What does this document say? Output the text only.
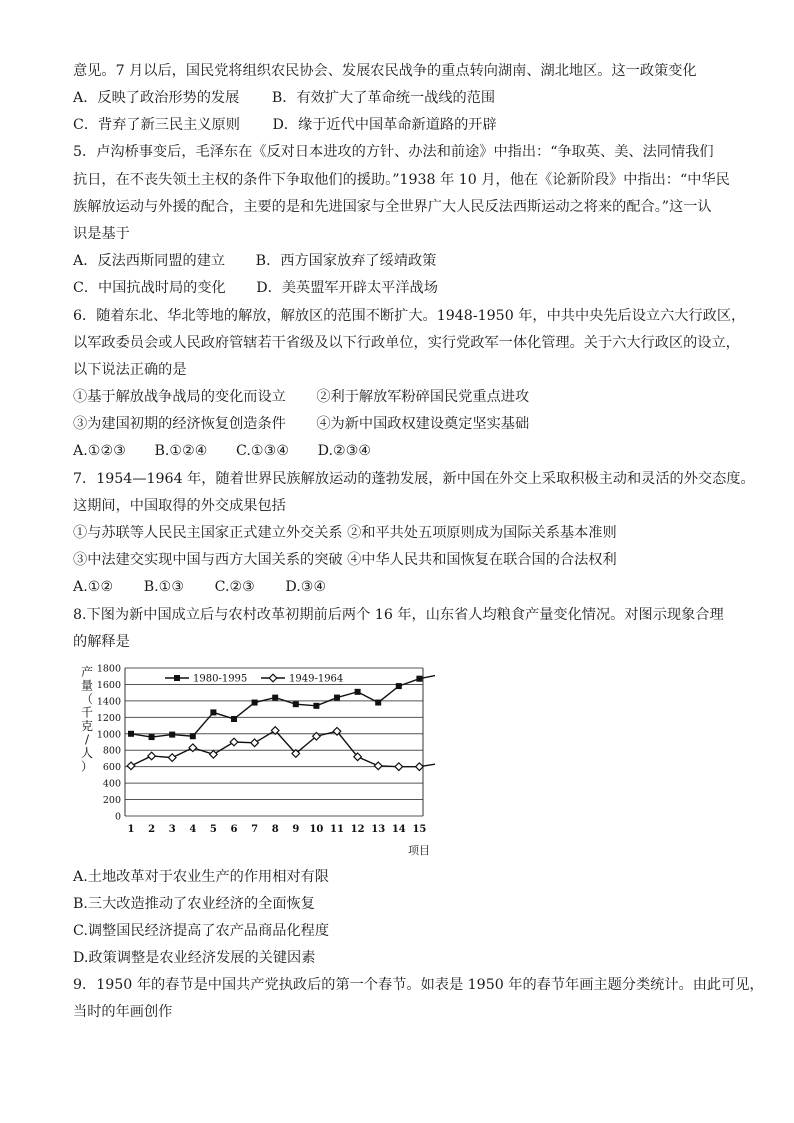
意见。7 月以后，国民党将组织农民协会、发展农民战争的重点转向湖南、湖北地区。这一政策变化
A．反映了政治形势的发展 B．有效扩大了革命统一战线的范围
C．背弃了新三民主义原则 D．缘于近代中国革命新道路的开辟
5．卢沟桥事变后，毛泽东在《反对日本进攻的方针、办法和前途》中指出：“争取英、美、法同情我们
抗日，在不丧失领土主权的条件下争取他们的援助。”1938 年 10 月，他在《论新阶段》中指出：“中华民
族解放运动与外援的配合，主要的是和先进国家与全世界广大人民反法西斯运动之将来的配合。”这一认
识是基于
A．反法西斯同盟的建立 B．西方国家放弃了绥靖政策
C．中国抗战时局的变化 D．美英盟军开辟太平洋战场
6．随着东北、华北等地的解放，解放区的范围不断扩大。1948-1950 年，中共中央先后设立六大行政区，
以军政委员会或人民政府管辖若干省级及以下行政单位，实行党政军一体化管理。关于六大行政区的设立，
以下说法正确的是
①基于解放战争战局的变化而设立 ②利于解放军粉碎国民党重点进攻
③为建国初期的经济恢复创造条件 ④为新中国政权建设奠定坚实基础
A.①②③ B.①②④ C.①③④ D.②③④
7．1954—1964 年，随着世界民族解放运动的蓬勃发展，新中国在外交上采取积极主动和灵活的外交态度。
这期间，中国取得的外交成果包括
①与苏联等人民民主国家正式建立外交关系 ②和平共处五项原则成为国际关系基本准则
③中法建交实现中国与西方大国关系的突破 ④中华人民共和国恢复在联合国的合法权利
A.①② B.①③ C.②③ D.③④
8.下图为新中国成立后与农村改革初期前后两个 16 年，山东省人均粮食产量变化情况。对图示现象合理
的解释是
产
量
（
千
克
/
人
）
0
200
400
600
800
1000
1200
1400
1600
1800
1 2 3 4 5 6 7 8 9 10 11 12 13 14 15
1980-1995	1949-1964
项目
A.土地改革对于农业生产的作用相对有限
B.三大改造推动了农业经济的全面恢复
C.调整国民经济提高了农产品商品化程度
D.政策调整是农业经济发展的关键因素
9．1950 年的春节是中国共产党执政后的第一个春节。如表是 1950 年的春节年画主题分类统计。由此可见，
当时的年画创作
